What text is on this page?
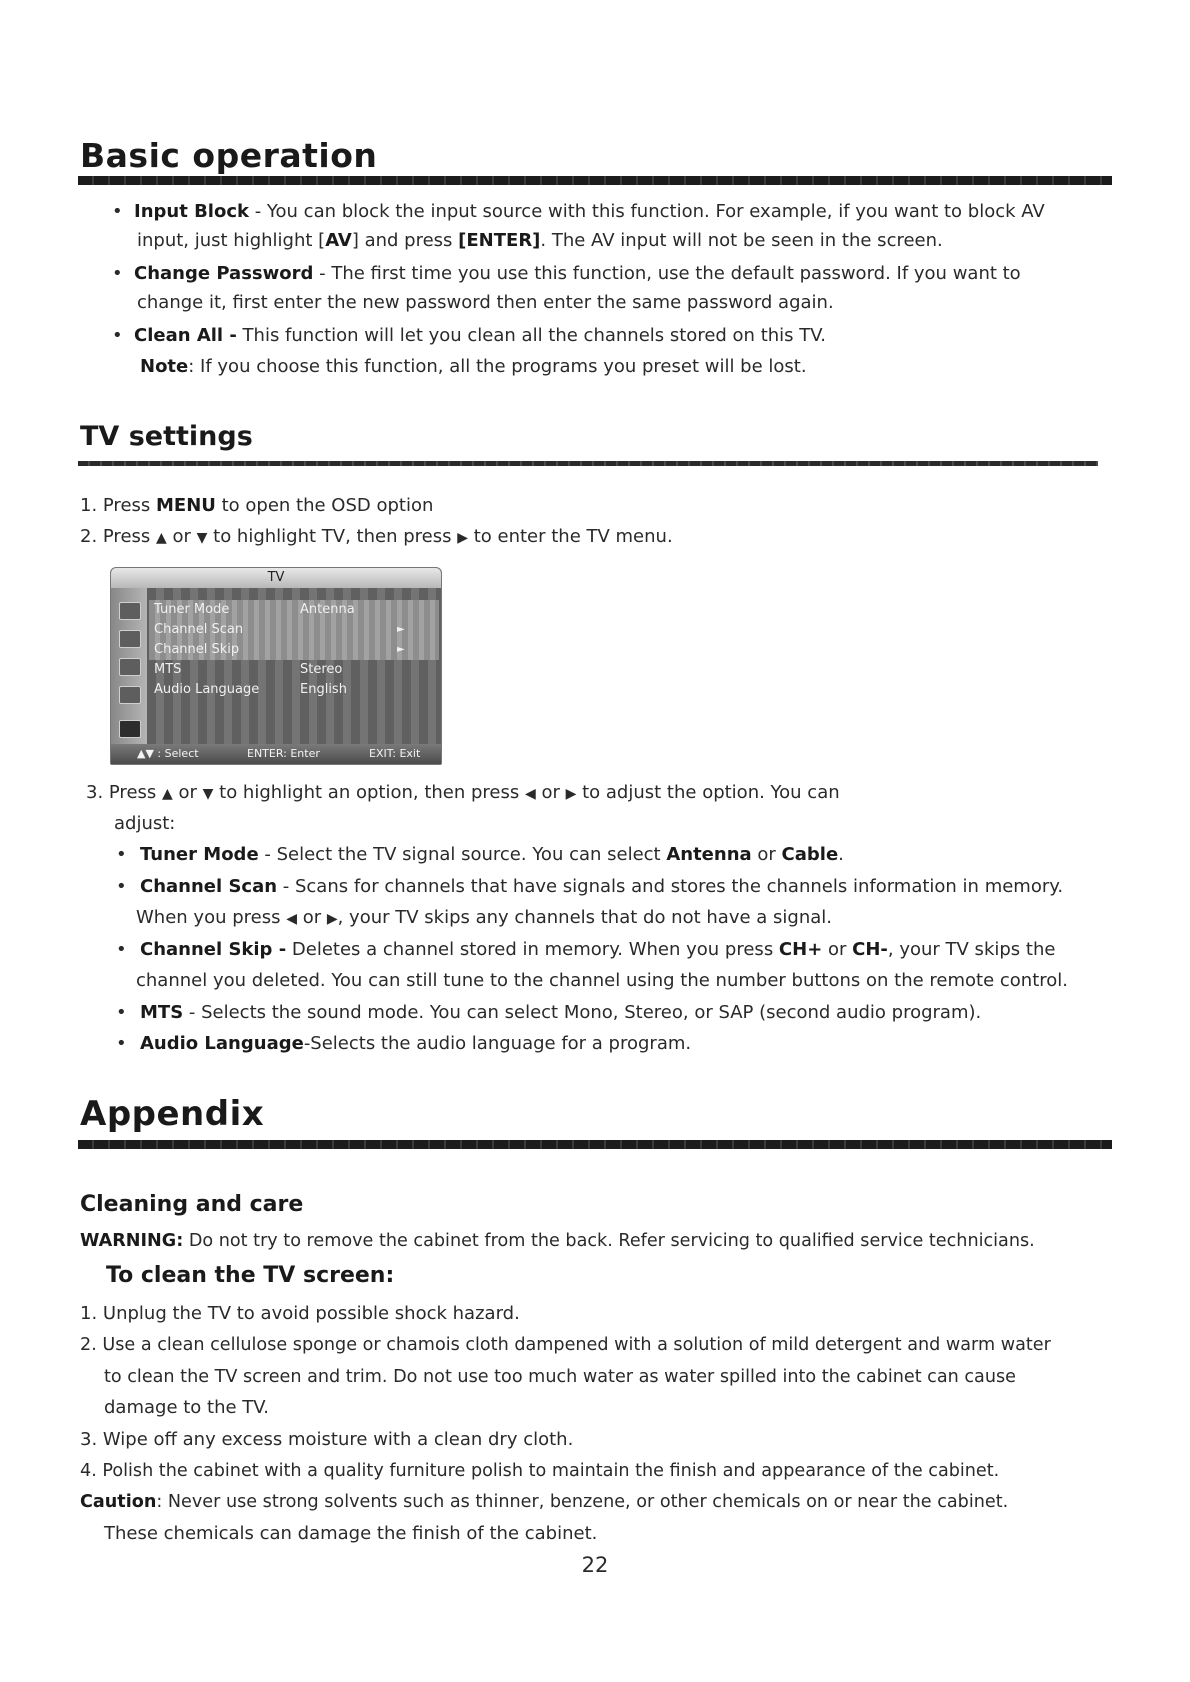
Basic operation
• Input Block - You can block the input source with this function. For example, if you want to block AV
input, just highlight [AV] and press [ENTER]. The AV input will not be seen in the screen.
• Change Password - The first time you use this function, use the default password. If you want to
change it, first enter the new password then enter the same password again.
• Clean All - This function will let you clean all the channels stored on this TV.
Note: If you choose this function, all the programs you preset will be lost.
TV settings
1. Press MENU to open the OSD option
2. Press ▲ or ▼ to highlight TV, then press ▶ to enter the TV menu.
TV
Tuner Mode	Antenna
Channel Scan	►
Channel Skip	►
MTS	Stereo
Audio Language	English
▲▼ : Select	ENTER: Enter	EXIT: Exit
3. Press ▲ or ▼ to highlight an option, then press ◀ or ▶ to adjust the option. You can
adjust:
• Tuner Mode - Select the TV signal source. You can select Antenna or Cable.
• Channel Scan - Scans for channels that have signals and stores the channels information in memory.
When you press ◀ or ▶, your TV skips any channels that do not have a signal.
• Channel Skip - Deletes a channel stored in memory. When you press CH+ or CH-, your TV skips the
channel you deleted. You can still tune to the channel using the number buttons on the remote control.
• MTS - Selects the sound mode. You can select Mono, Stereo, or SAP (second audio program).
• Audio Language-Selects the audio language for a program.
Appendix
Cleaning and care
WARNING: Do not try to remove the cabinet from the back. Refer servicing to qualified service technicians.
To clean the TV screen:
1. Unplug the TV to avoid possible shock hazard.
2. Use a clean cellulose sponge or chamois cloth dampened with a solution of mild detergent and warm water
to clean the TV screen and trim. Do not use too much water as water spilled into the cabinet can cause
damage to the TV.
3. Wipe off any excess moisture with a clean dry cloth.
4. Polish the cabinet with a quality furniture polish to maintain the finish and appearance of the cabinet.
Caution: Never use strong solvents such as thinner, benzene, or other chemicals on or near the cabinet.
These chemicals can damage the finish of the cabinet.
22
